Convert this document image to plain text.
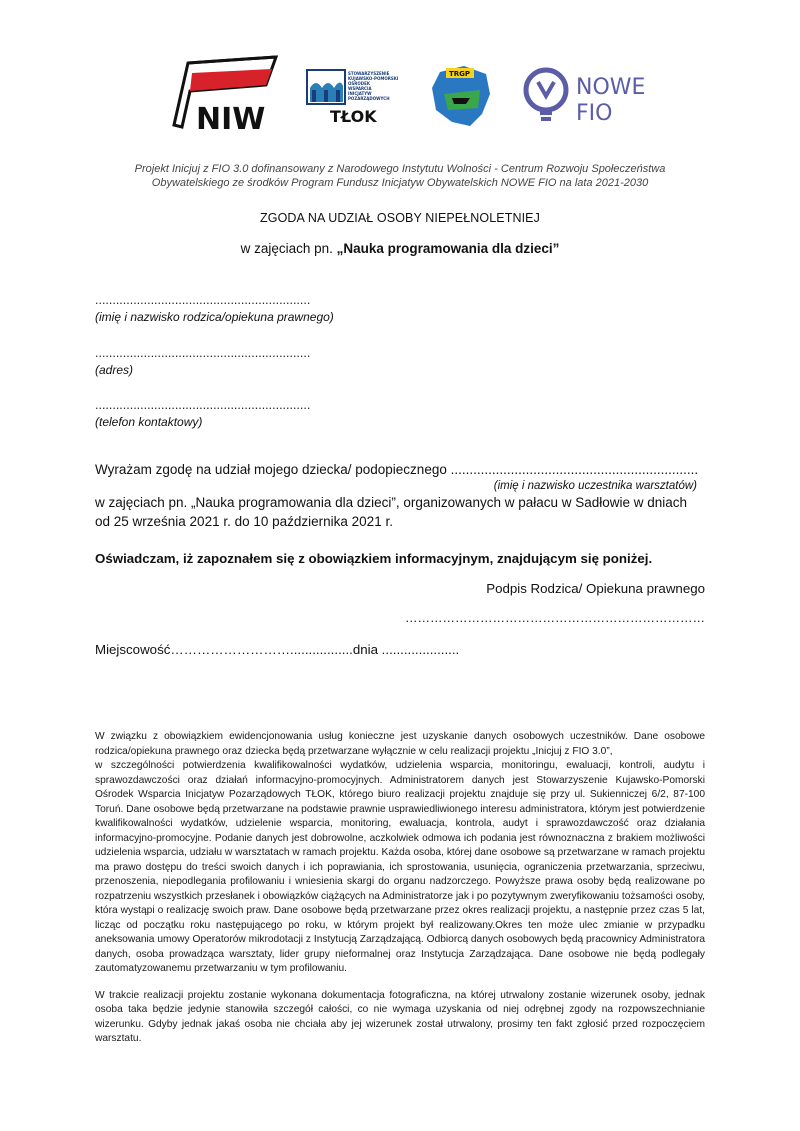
NIW
STOWARZYSZENIE
KUJAWSKO-POMORSKI
OŚRODEK
WSPARCIA
INICJATYW
POZARZĄDOWYCH
TŁOK
TRGP
NOWE
FIO
Projekt Inicjuj z FIO 3.0 dofinansowany z Narodowego Instytutu Wolności - Centrum Rozwoju Społeczeństwa
Obywatelskiego ze środków Program Fundusz Inicjatyw Obywatelskich NOWE FIO na lata 2021-2030
ZGODA NA UDZIAŁ OSOBY NIEPEŁNOLETNIEJ
w zajęciach pn. „Nauka programowania dla dzieci”
..............................................................
(imię i nazwisko rodzica/opiekuna prawnego)
..............................................................
(adres)
..............................................................
(telefon kontaktowy)
Wyrażam zgodę na udział mojego dziecka/ podopiecznego ..................................................................
(imię i nazwisko uczestnika warsztatów)
w zajęciach pn. „Nauka programowania dla dzieci”, organizowanych w pałacu w Sadłowie w dniach
od 25 września 2021 r. do 10 października 2021 r.
Oświadczam, iż zapoznałem się z obowiązkiem informacyjnym, znajdującym się poniżej.
Podpis Rodzica/ Opiekuna prawnego
………………………………………………………………
Miejscowość……………………….................dnia .....................

W związku z obowiązkiem ewidencjonowania usług konieczne jest uzyskanie danych osobowych uczestników. Dane osobowe rodzica/opiekuna prawnego oraz dziecka będą przetwarzane wyłącznie w celu realizacji projektu „Inicjuj z FIO 3.0”,

w szczególności potwierdzenia kwalifikowalności wydatków, udzielenia wsparcia, monitoringu, ewaluacji, kontroli, audytu i sprawozdawczości oraz działań informacyjno-promocyjnych. Administratorem danych jest Stowarzyszenie Kujawsko-Pomorski Ośrodek Wsparcia Inicjatyw Pozarządowych TŁOK, którego biuro realizacji projektu znajduje się przy ul. Sukienniczej 6/2, 87-100 Toruń. Dane osobowe będą przetwarzane na podstawie prawnie usprawiedliwionego interesu administratora, którym jest potwierdzenie kwalifikowalności wydatków, udzielenie wsparcia, monitoring, ewaluacja, kontrola, audyt i sprawozdawczość oraz działania informacyjno-promocyjne. Podanie danych jest dobrowolne, aczkolwiek odmowa ich podania jest równoznaczna z brakiem możliwości udzielenia wsparcia, udziału w warsztatach w ramach projektu. Każda osoba, której dane osobowe są przetwarzane w ramach projektu ma prawo dostępu do treści swoich danych i ich poprawiania, ich sprostowania, usunięcia, ograniczenia przetwarzania, sprzeciwu, przenoszenia, niepodlegania profilowaniu i wniesienia skargi do organu nadzorczego. Powyższe prawa osoby będą realizowane po rozpatrzeniu wszystkich przesłanek i obowiązków ciążących na Administratorze jak i po pozytywnym zweryfikowaniu tożsamości osoby, która wystąpi o realizację swoich praw. Dane osobowe będą przetwarzane przez okres realizacji projektu, a następnie przez czas 5 lat, licząc od początku roku następującego po roku, w którym projekt był realizowany.Okres ten może ulec zmianie w przypadku aneksowania umowy Operatorów mikrodotacji z Instytucją Zarządzającą. Odbiorcą danych osobowych będą pracownicy Administratora danych, osoba prowadząca warsztaty, lider grupy nieformalnej oraz Instytucja Zarządzająca. Dane osobowe nie będą podlegały zautomatyzowanemu przetwarzaniu w tym profilowaniu.

W trakcie realizacji projektu zostanie wykonana dokumentacja fotograficzna, na której utrwalony zostanie wizerunek osoby, jednak osoba taka będzie jedynie stanowiła szczegół całości, co nie wymaga uzyskania od niej odrębnej zgody na rozpowszechnianie wizerunku. Gdyby jednak jakaś osoba nie chciała aby jej wizerunek został utrwalony, prosimy ten fakt zgłosić przed rozpoczęciem warsztatu.
